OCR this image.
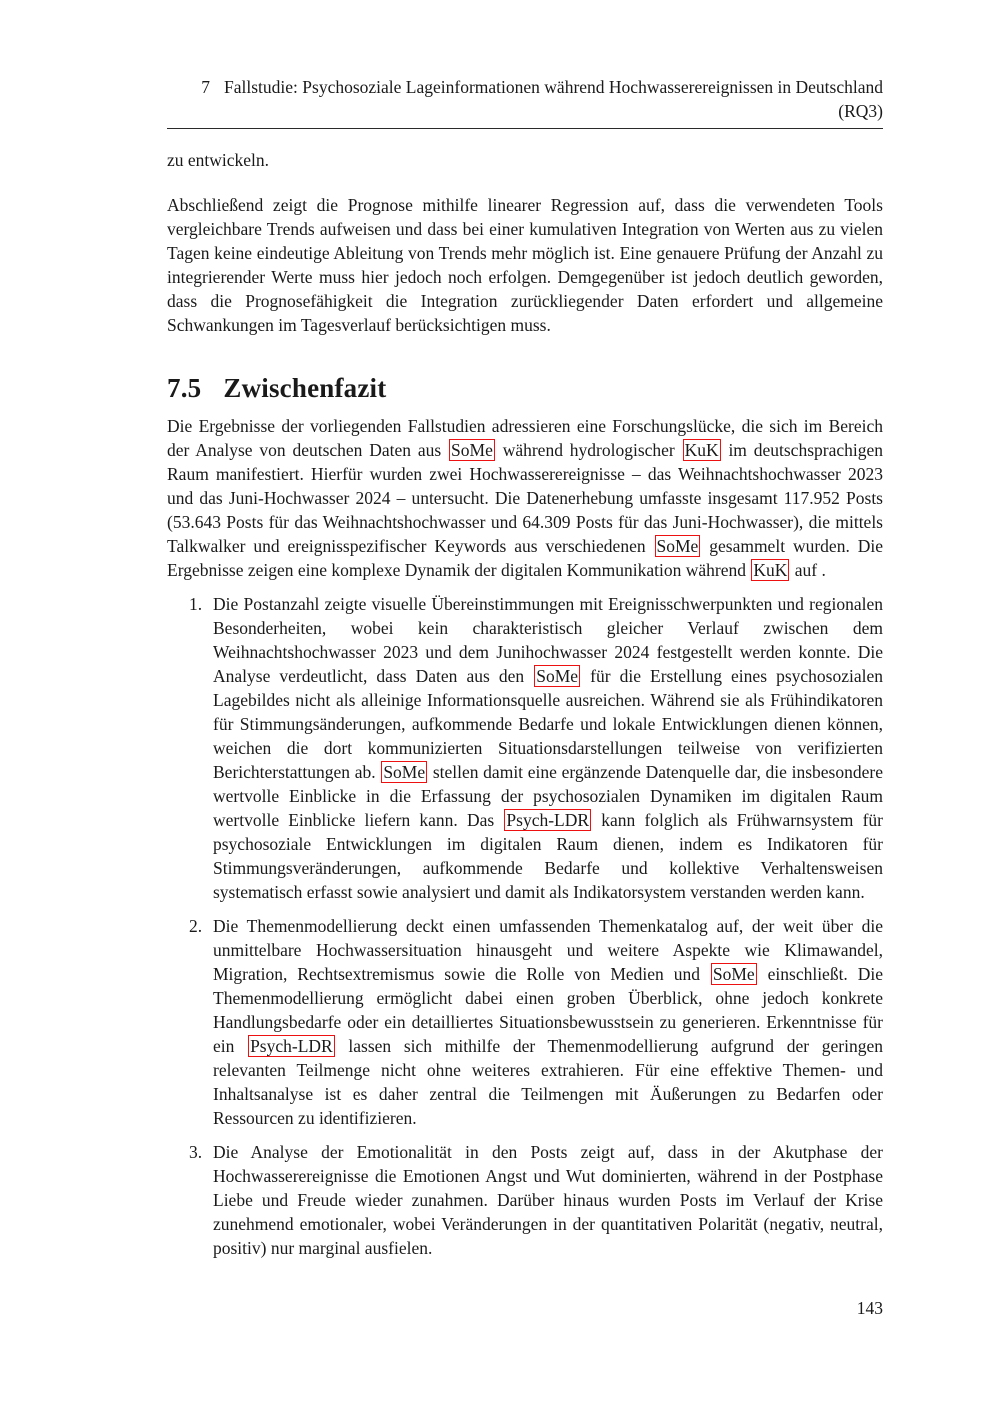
7 Fallstudie: Psychosoziale Lageinformationen während Hochwasserereignissen in Deutschland (RQ3)

zu entwickeln.

Abschließend zeigt die Prognose mithilfe linearer Regression auf, dass die verwendeten Tools vergleichbare Trends aufweisen und dass bei einer kumulativen Integration von Werten aus zu vielen Tagen keine eindeutige Ableitung von Trends mehr möglich ist. Eine genauere Prüfung der Anzahl zu integrierender Werte muss hier jedoch noch erfolgen. Demgegenüber ist jedoch deutlich geworden, dass die Prognosefähigkeit die Integration zurückliegender Daten erfordert und allgemeine Schwankungen im Tagesverlauf berücksichtigen muss.

7.5 Zwischenfazit

Die Ergebnisse der vorliegenden Fallstudien adressieren eine Forschungslücke, die sich im Bereich der Analyse von deutschen Daten aus SoMe während hydrologischer KuK im deutschsprachigen Raum manifestiert. Hierfür wurden zwei Hochwasserereignisse – das Weihnachtshochwasser 2023 und das Juni-Hochwasser 2024 – untersucht. Die Datenerhebung umfasste insgesamt 117.952 Posts (53.643 Posts für das Weihnachtshochwasser und 64.309 Posts für das Juni-Hochwasser), die mittels Talkwalker und ereignisspezifischer Keywords aus verschiedenen SoMe gesammelt wurden. Die Ergebnisse zeigen eine komplexe Dynamik der digitalen Kommunikation während KuK auf .

1. Die Postanzahl zeigte visuelle Übereinstimmungen mit Ereignisschwerpunkten und regionalen Besonderheiten, wobei kein charakteristisch gleicher Verlauf zwischen dem Weihnachtshochwasser 2023 und dem Junihochwasser 2024 festgestellt werden konnte. Die Analyse verdeutlicht, dass Daten aus den SoMe für die Erstellung eines psychosozialen Lagebildes nicht als alleinige Informationsquelle ausreichen. Während sie als Frühindikatoren für Stimmungsänderungen, aufkommende Bedarfe und lokale Entwicklungen dienen können, weichen die dort kommunizierten Situationsdarstellungen teilweise von verifizierten Berichterstattungen ab. SoMe stellen damit eine ergänzende Datenquelle dar, die insbesondere wertvolle Einblicke in die Erfassung der psychosozialen Dynamiken im digitalen Raum wertvolle Einblicke liefern kann. Das Psych-LDR kann folglich als Frühwarnsystem für psychosoziale Entwicklungen im digitalen Raum dienen, indem es Indikatoren für Stimmungsveränderungen, aufkommende Bedarfe und kollektive Verhaltensweisen systematisch erfasst sowie analysiert und damit als Indikatorsystem verstanden werden kann.
2. Die Themenmodellierung deckt einen umfassenden Themenkatalog auf, der weit über die unmittelbare Hochwassersituation hinausgeht und weitere Aspekte wie Klimawandel, Migration, Rechtsextremismus sowie die Rolle von Medien und SoMe einschließt. Die Themenmodellierung ermöglicht dabei einen groben Überblick, ohne jedoch konkrete Handlungsbedarfe oder ein detailliertes Situationsbewusstsein zu generieren. Erkenntnisse für ein Psych-LDR lassen sich mithilfe der Themenmodellierung aufgrund der geringen relevanten Teilmenge nicht ohne weiteres extrahieren. Für eine effektive Themen- und Inhaltsanalyse ist es daher zentral die Teilmengen mit Äußerungen zu Bedarfen oder Ressourcen zu identifizieren.
3. Die Analyse der Emotionalität in den Posts zeigt auf, dass in der Akutphase der Hochwasserereignisse die Emotionen Angst und Wut dominierten, während in der Postphase Liebe und Freude wieder zunahmen. Darüber hinaus wurden Posts im Verlauf der Krise zunehmend emotionaler, wobei Veränderungen in der quantitativen Polarität (negativ, neutral, positiv) nur marginal ausfielen.
143
